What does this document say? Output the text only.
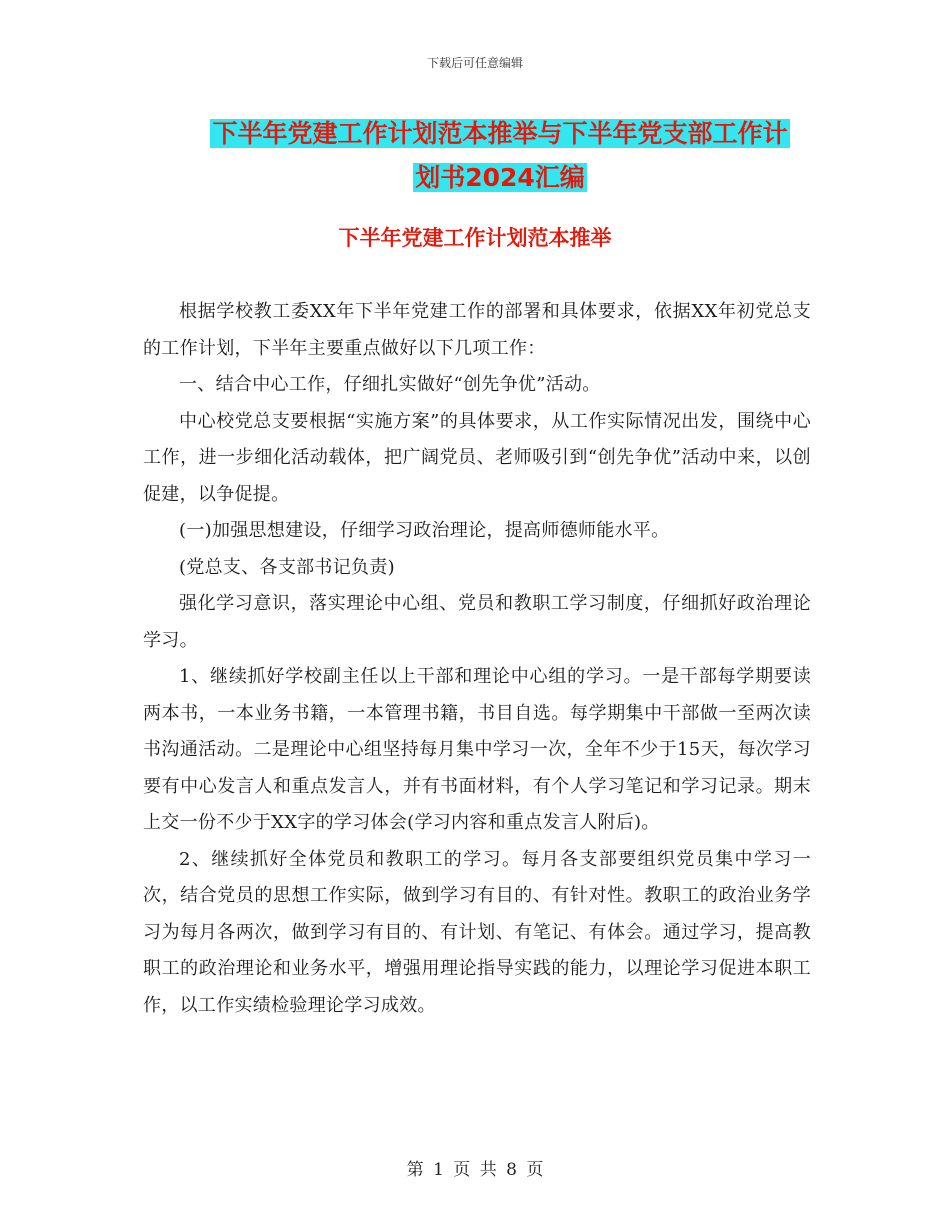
下载后可任意编辑
下半年党建工作计划范本推举与下半年党支部工作计
划书2024汇编
下半年党建工作计划范本推举

根据学校教工委XX年下半年党建工作的部署和具体要求，依据XX年初党总支的工作计划，下半年主要重点做好以下几项工作：

一、结合中心工作，仔细扎实做好“创先争优”活动。

中心校党总支要根据“实施方案”的具体要求，从工作实际情况出发，围绕中心工作，进一步细化活动载体，把广阔党员、老师吸引到“创先争优”活动中来，以创促建，以争促提。

(一)加强思想建设，仔细学习政治理论，提高师德师能水平。

(党总支、各支部书记负责)

强化学习意识，落实理论中心组、党员和教职工学习制度，仔细抓好政治理论学习。

1、继续抓好学校副主任以上干部和理论中心组的学习。一是干部每学期要读两本书，一本业务书籍，一本管理书籍，书目自选。每学期集中干部做一至两次读书沟通活动。二是理论中心组坚持每月集中学习一次，全年不少于15天，每次学习要有中心发言人和重点发言人，并有书面材料，有个人学习笔记和学习记录。期末上交一份不少于XX字的学习体会(学习内容和重点发言人附后)。

2、继续抓好全体党员和教职工的学习。每月各支部要组织党员集中学习一次，结合党员的思想工作实际，做到学习有目的、有针对性。教职工的政治业务学习为每月各两次，做到学习有目的、有计划、有笔记、有体会。通过学习，提高教职工的政治理论和业务水平，增强用理论指导实践的能力，以理论学习促进本职工作，以工作实绩检验理论学习成效。

第 1 页 共 8 页
